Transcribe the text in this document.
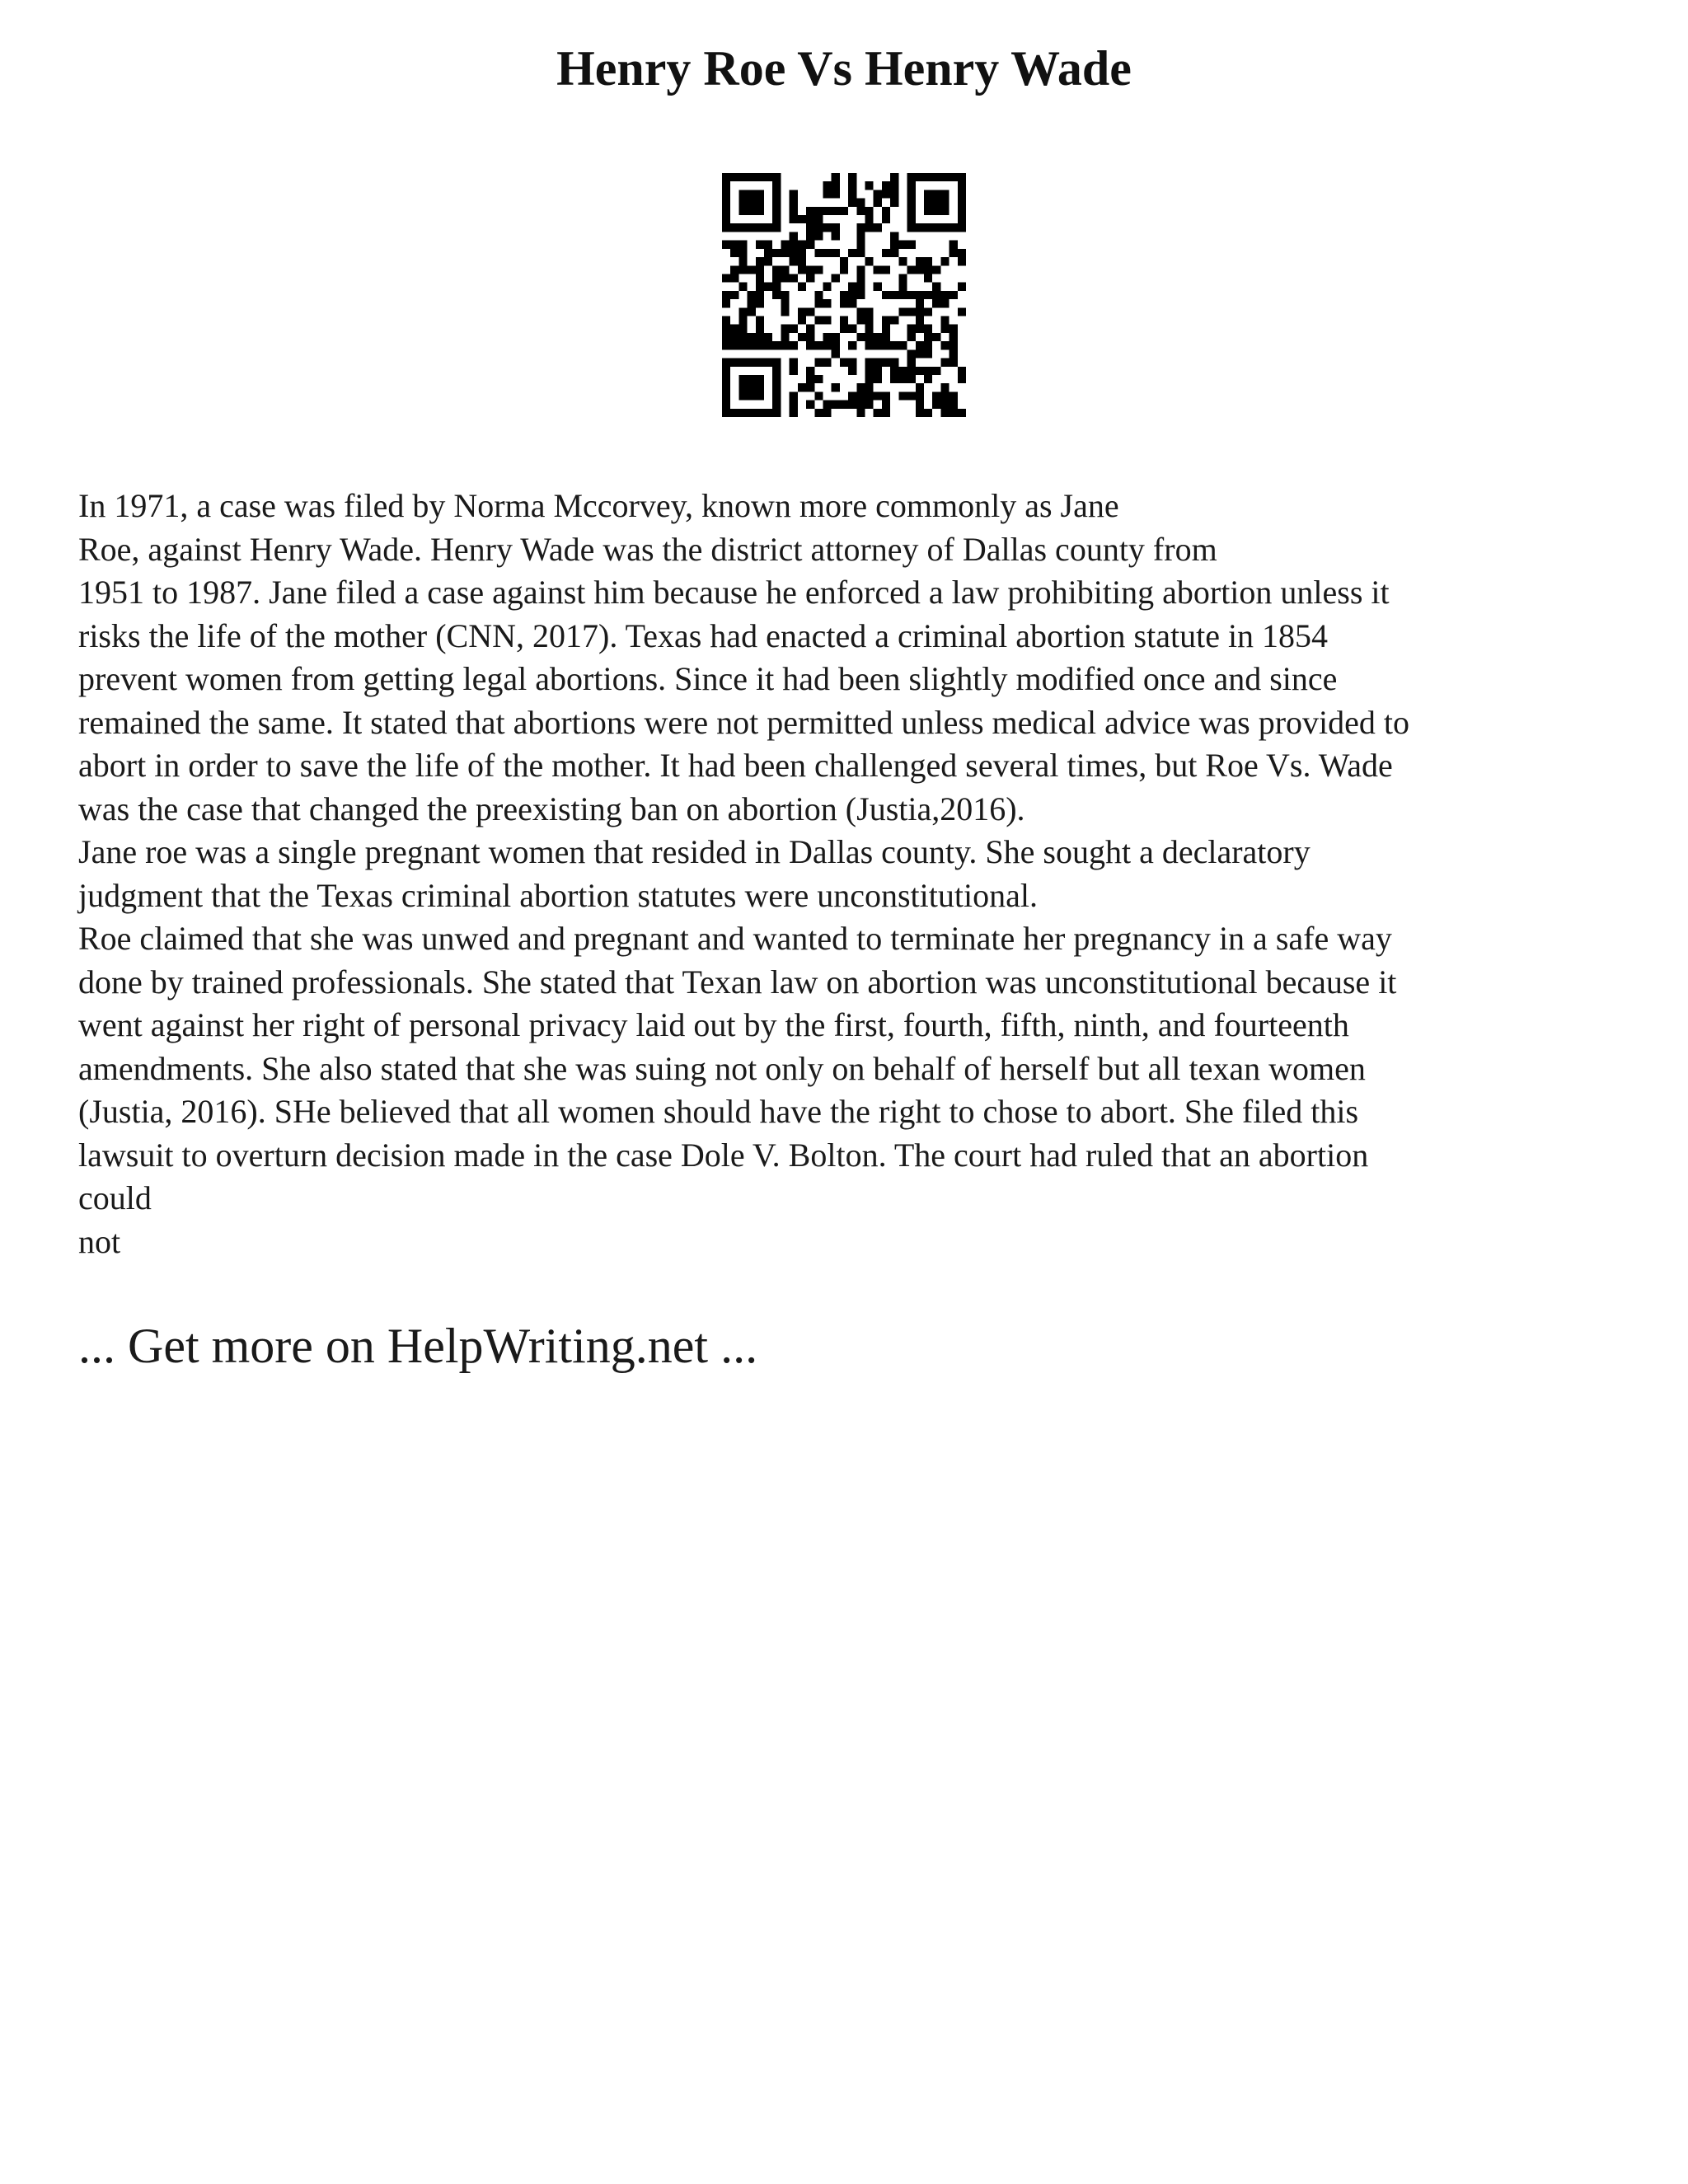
Henry Roe Vs Henry Wade
In 1971, a case was filed by Norma Mccorvey, known more commonly as Jane
Roe, against Henry Wade. Henry Wade was the district attorney of Dallas county from
1951 to 1987. Jane filed a case against him because he enforced a law prohibiting abortion unless it
risks the life of the mother (CNN, 2017). Texas had enacted a criminal abortion statute in 1854
prevent women from getting legal abortions. Since it had been slightly modified once and since
remained the same. It stated that abortions were not permitted unless medical advice was provided to
abort in order to save the life of the mother. It had been challenged several times, but Roe Vs. Wade
was the case that changed the preexisting ban on abortion (Justia,2016).
Jane roe was a single pregnant women that resided in Dallas county. She sought a declaratory
judgment that the Texas criminal abortion statutes were unconstitutional.
Roe claimed that she was unwed and pregnant and wanted to terminate her pregnancy in a safe way
done by trained professionals. She stated that Texan law on abortion was unconstitutional because it
went against her right of personal privacy laid out by the first, fourth, fifth, ninth, and fourteenth
amendments. She also stated that she was suing not only on behalf of herself but all texan women
(Justia, 2016). SHe believed that all women should have the right to chose to abort. She filed this
lawsuit to overturn decision made in the case Dole V. Bolton. The court had ruled that an abortion
could
not
... Get more on HelpWriting.net ...
